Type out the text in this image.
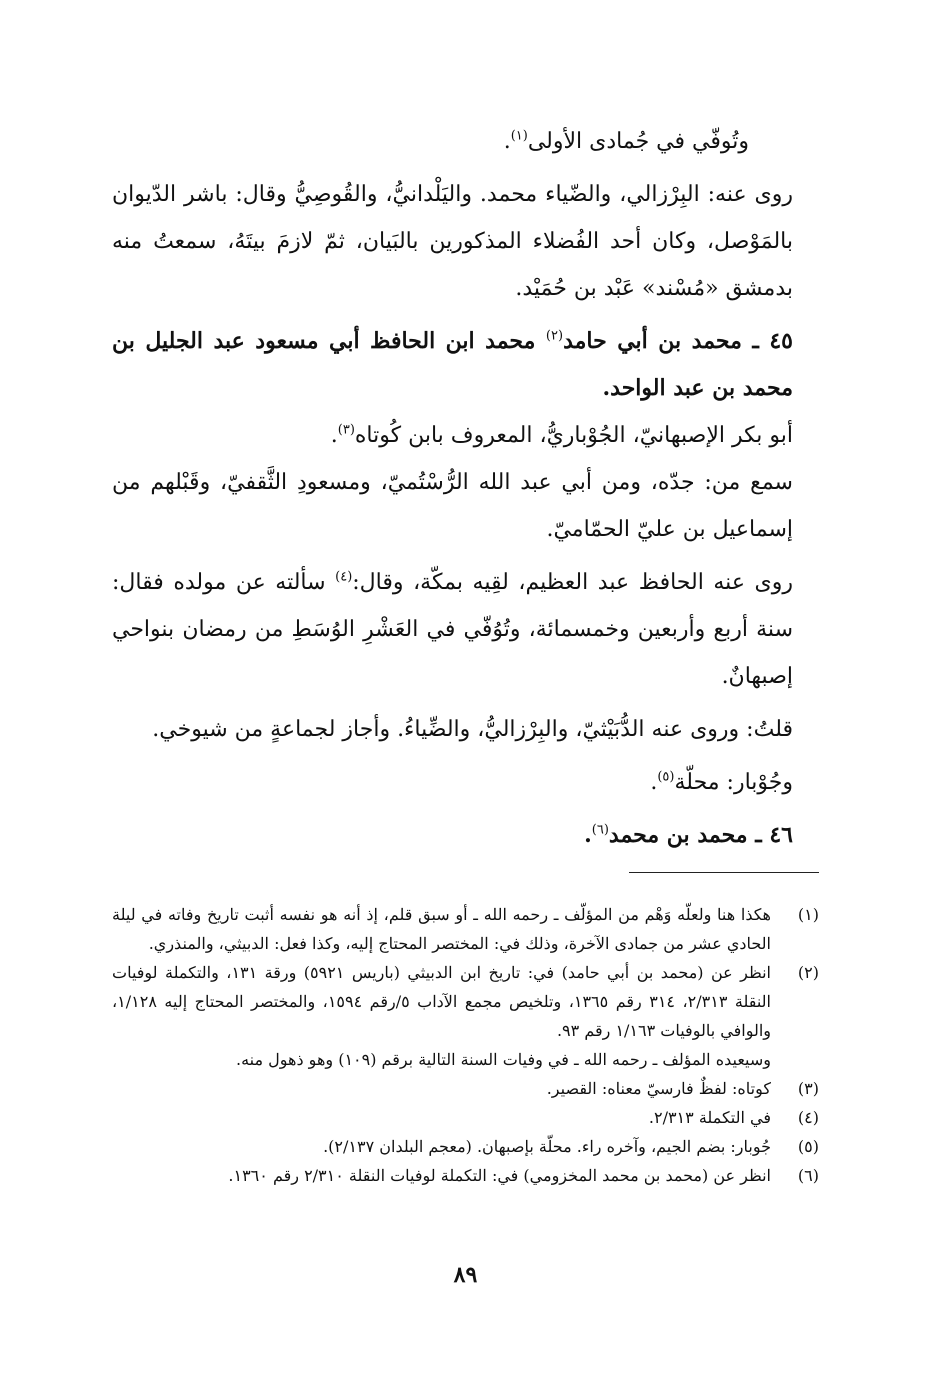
وتُوفّي في جُمادى الأولى$^{(١)}$.

روى عنه: البِرْزالي، والضّياء محمد. واليَلْدانيُّ، والقُوصِيُّ وقال: باشر الدّيوان بالمَوْصل، وكان أحد الفُضلاء المذكورين بالبَيان، ثمّ لازمَ بيتَهُ، سمعتُ منه بدمشق «مُسْند» عَبْد بن حُمَيْد.

٤٥ ـ محمد بن أبي حامد$^{(٢)}$ محمد ابن الحافظ أبي مسعود عبد الجليل بن محمد بن عبد الواحد.

أبو بكر الإصبهانيّ، الجُوْباريُّ، المعروف بابن كُوتاه$^{(٣)}$.

سمع من: جدّه، ومن أبي عبد الله الرُّسْتُميّ، ومسعودِ الثَّقفيّ، وقَبْلهم من إسماعيل بن عليّ الحمّاميّ.

روى عنه الحافظ عبد العظيم، لقِيه بمكّة، وقال:$^{(٤)}$ سألته عن مولده فقال: سنة أربع وأربعين وخمسمائة، وتُوُفّي في العَشْرِ الوُسَطِ من رمضان بنواحي إصبهانٌ.

قلتُ: وروى عنه الدُّبَيْثيّ، والبِرْزاليُّ، والضِّياءُ. وأجاز لجماعةٍ من شيوخي.

وجُوْبار: محلّة$^{(٥)}$.

٤٦ ـ محمد بن محمد$^{(٦)}$.

(١)
هكذا هنا ولعلّه وَهْم من المؤلّف ـ رحمه الله ـ أو سبق قلم، إذ أنه هو نفسه أثبت تاريخ وفاته في ليلة الحادي عشر من جمادى الآخرة، وذلك في: المختصر المحتاج إليه، وكذا فعل: الدبيثي، والمنذري.
(٢)
انظر عن (محمد بن أبي حامد) في: تاريخ ابن الدبيثي (باريس ٥٩٢١) ورقة ١٣١، والتكملة لوفيات النقلة ٢/٣١٣، ٣١٤ رقم ١٣٦٥، وتلخيص مجمع الآداب ٥/رقم ١٥٩٤، والمختصر المحتاج إليه ١/١٢٨، والوافي بالوفيات ١/١٦٣ رقم ٩٣.
وسيعيده المؤلف ـ رحمه الله ـ في وفيات السنة التالية برقم (١٠٩) وهو ذهول منه.
(٣)
كوتاه: لفظٌ فارسيّ معناه: القصير.
(٤)
في التكملة ٢/٣١٣.
(٥)
جُوبار: بضم الجيم، وآخره راء. محلّة بإصبهان. (معجم البلدان ٢/١٣٧).
(٦)
انظر عن (محمد بن محمد المخزومي) في: التكملة لوفيات النقلة ٢/٣١٠ رقم ١٣٦٠.
٨٩
